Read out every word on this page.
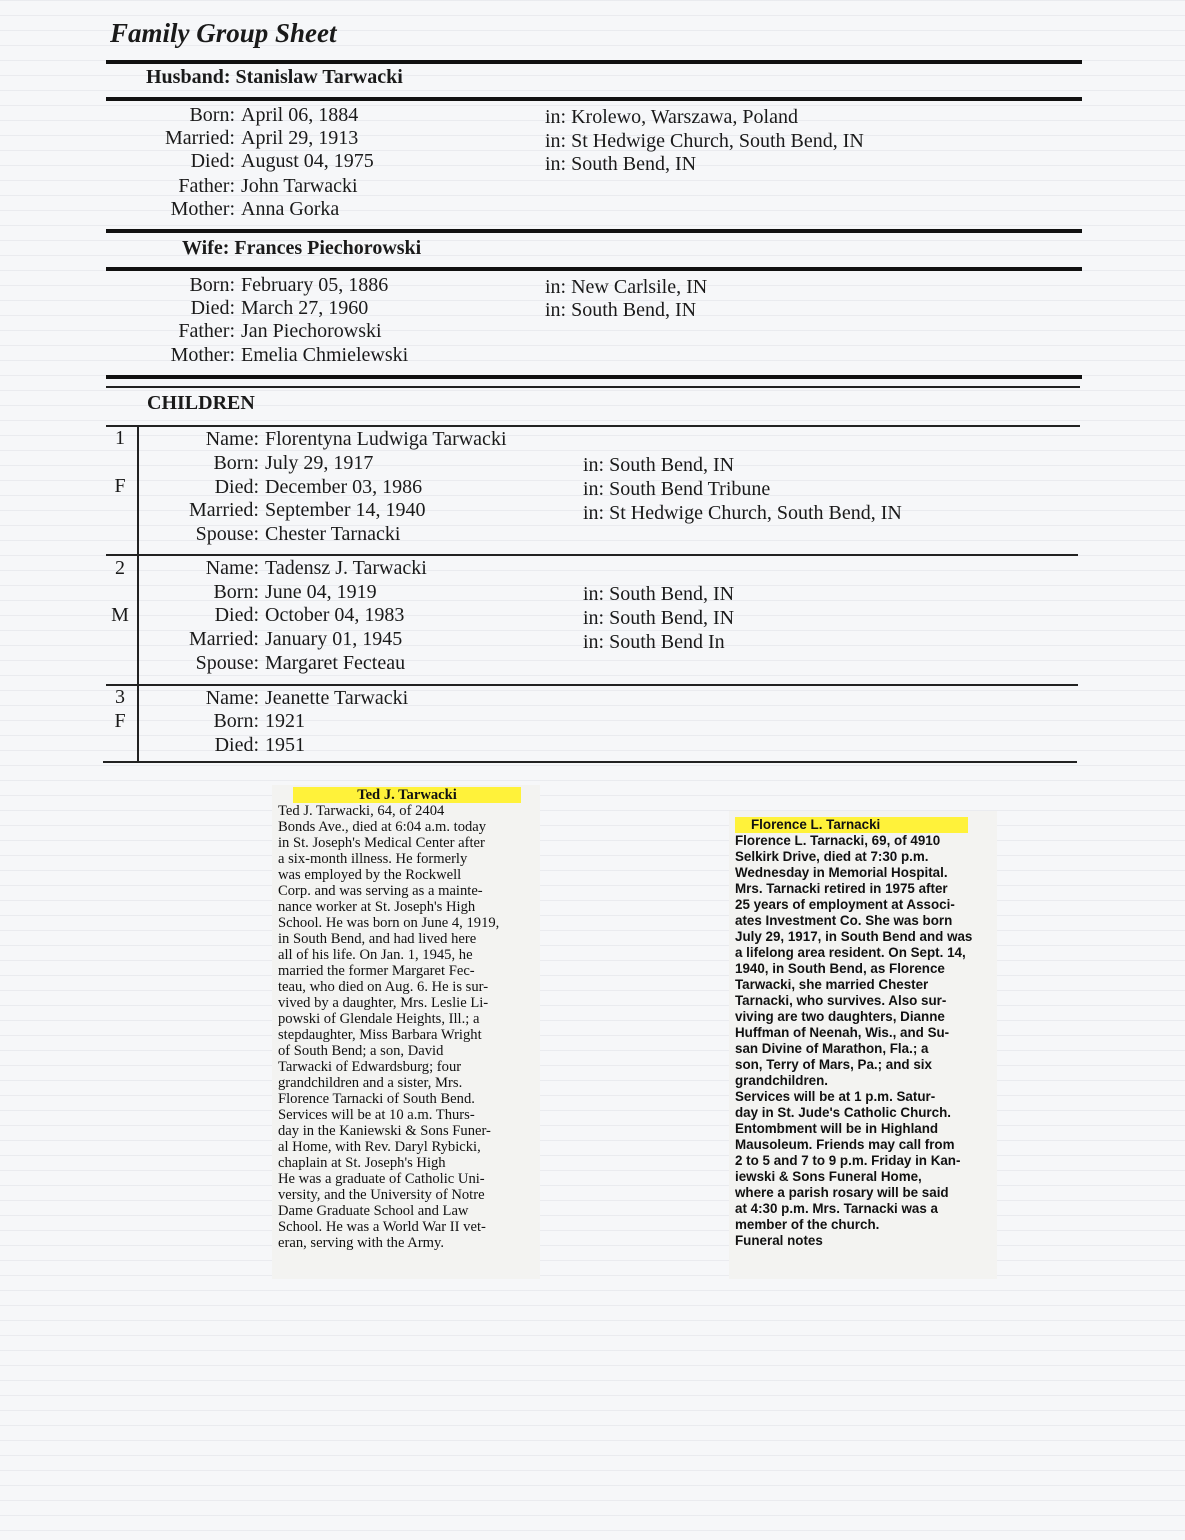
Family Group Sheet
Husband: Stanislaw Tarwacki
Born: April 06, 1884	in: Krolewo, Warszawa, Poland
Married: April 29, 1913	in: St Hedwige Church, South Bend, IN
Died: August 04, 1975	in: South Bend, IN
Father: John Tarwacki
Mother: Anna Gorka
Wife: Frances Piechorowski
Born: February 05, 1886	in: New Carlsile, IN
Died: March 27, 1960	in: South Bend, IN
Father: Jan Piechorowski
Mother: Emelia Chmielewski
CHILDREN
1
F
Name: Florentyna Ludwiga Tarwacki
Born: July 29, 1917	in: South Bend, IN
Died: December 03, 1986	in: South Bend Tribune
Married: September 14, 1940	in: St Hedwige Church, South Bend, IN
Spouse: Chester Tarnacki
2
M
Name: Tadensz J. Tarwacki
Born: June 04, 1919	in: South Bend, IN
Died: October 04, 1983	in: South Bend, IN
Married: January 01, 1945	in: South Bend In
Spouse: Margaret Fecteau
3
F
Name: Jeanette Tarwacki
Born: 1921
Died: 1951
Ted J. Tarwacki
Ted J. Tarwacki, 64, of 2404
Bonds Ave., died at 6:04 a.m. today
in St. Joseph's Medical Center after
a six-month illness. He formerly
was employed by the Rockwell
Corp. and was serving as a mainte-
nance worker at St. Joseph's High
School. He was born on June 4, 1919,
in South Bend, and had lived here
all of his life. On Jan. 1, 1945, he
married the former Margaret Fec-
teau, who died on Aug. 6. He is sur-
vived by a daughter, Mrs. Leslie Li-
powski of Glendale Heights, Ill.; a
stepdaughter, Miss Barbara Wright
of South Bend; a son, David
Tarwacki of Edwardsburg; four
grandchildren and a sister, Mrs.
Florence Tarnacki of South Bend.
Services will be at 10 a.m. Thurs-
day in the Kaniewski & Sons Funer-
al Home, with Rev. Daryl Rybicki,
chaplain at St. Joseph's High
He was a graduate of Catholic Uni-
versity, and the University of Notre
Dame Graduate School and Law
School. He was a World War II vet-
eran, serving with the Army.
Florence L. Tarnacki
Florence L. Tarnacki, 69, of 4910
Selkirk Drive, died at 7:30 p.m.
Wednesday in Memorial Hospital.
Mrs. Tarnacki retired in 1975 after
25 years of employment at Associ-
ates Investment Co. She was born
July 29, 1917, in South Bend and was
a lifelong area resident. On Sept. 14,
1940, in South Bend, as Florence
Tarwacki, she married Chester
Tarnacki, who survives. Also sur-
viving are two daughters, Dianne
Huffman of Neenah, Wis., and Su-
san Divine of Marathon, Fla.; a
son, Terry of Mars, Pa.; and six
grandchildren.
Services will be at 1 p.m. Satur-
day in St. Jude's Catholic Church.
Entombment will be in Highland
Mausoleum. Friends may call from
2 to 5 and 7 to 9 p.m. Friday in Kan-
iewski & Sons Funeral Home,
where a parish rosary will be said
at 4:30 p.m. Mrs. Tarnacki was a
member of the church.
Funeral notes
